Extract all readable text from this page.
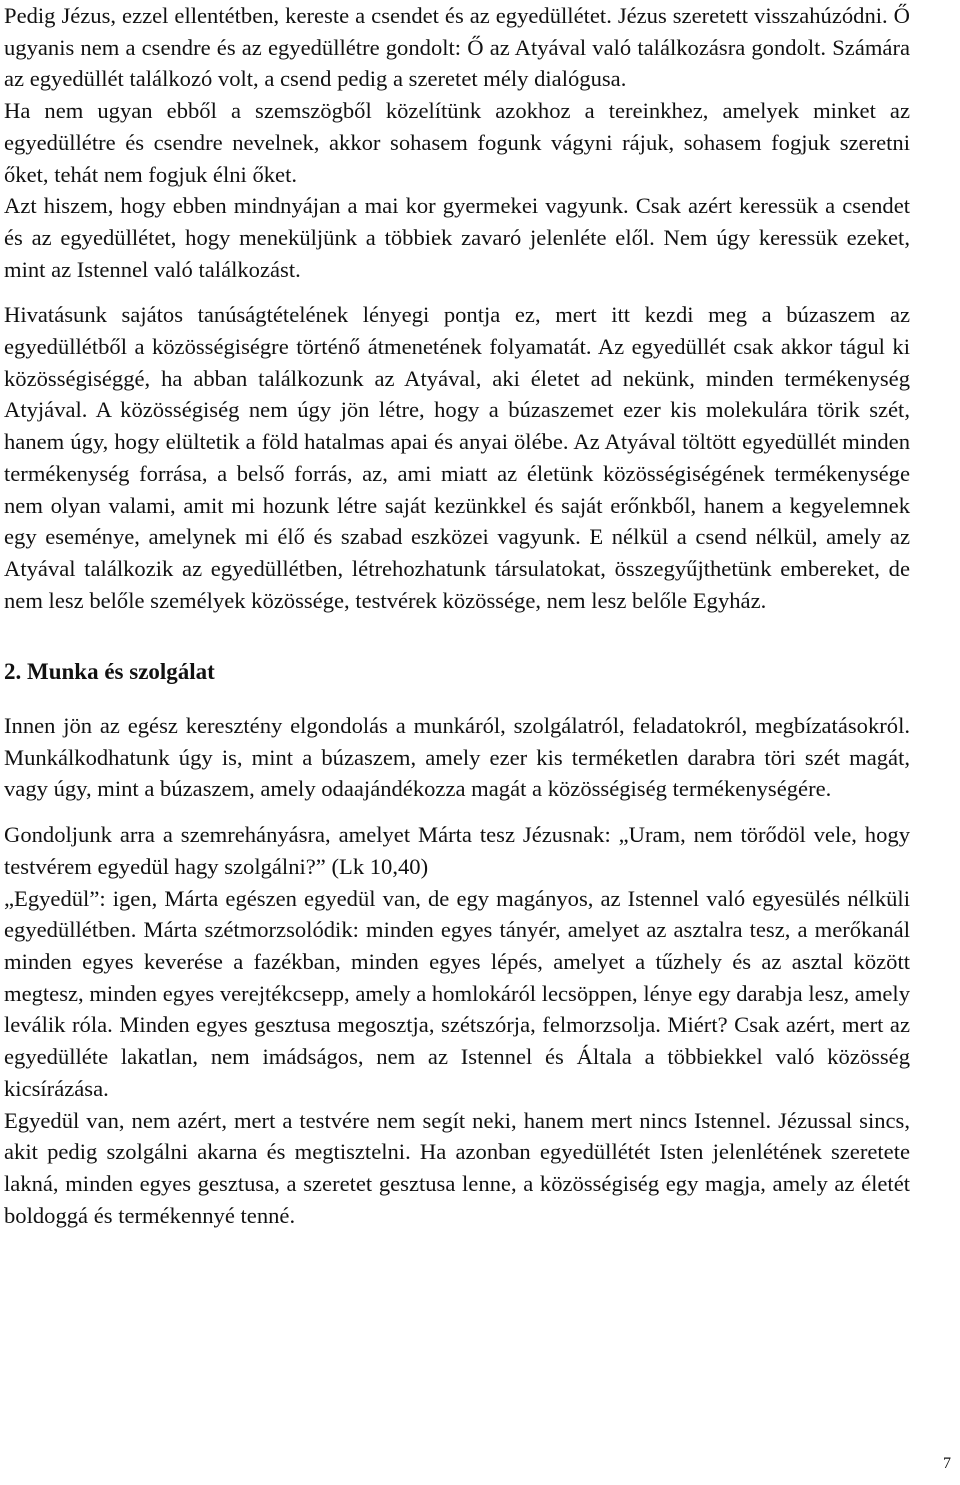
Pedig Jézus, ezzel ellentétben, kereste a csendet és az egyedüllétet. Jézus szeretett visszahúzódni. Ő ugyanis nem a csendre és az egyedüllétre gondolt: Ő az Atyával való találkozásra gondolt. Számára az egyedüllét találkozó volt, a csend pedig a szeretet mély dialógusa.

Ha nem ugyan ebből a szemszögből közelítünk azokhoz a tereinkhez, amelyek minket az egyedüllétre és csendre nevelnek, akkor sohasem fogunk vágyni rájuk, sohasem fogjuk szeretni őket, tehát nem fogjuk élni őket.

Azt hiszem, hogy ebben mindnyájan a mai kor gyermekei vagyunk. Csak azért keressük a csendet és az egyedüllétet, hogy meneküljünk a többiek zavaró jelenléte elől. Nem úgy keressük ezeket, mint az Istennel való találkozást.

Hivatásunk sajátos tanúságtételének lényegi pontja ez, mert itt kezdi meg a búzaszem az egyedüllétből a közösségiségre történő átmenetének folyamatát. Az egyedüllét csak akkor tágul ki közösségiséggé, ha abban találkozunk az Atyával, aki életet ad nekünk, minden termékenység Atyjával. A közösségiség nem úgy jön létre, hogy a búzaszemet ezer kis molekulára törik szét, hanem úgy, hogy elültetik a föld hatalmas apai és anyai ölébe. Az Atyával töltött egyedüllét minden termékenység forrása, a belső forrás, az, ami miatt az életünk közösségiségének termékenysége nem olyan valami, amit mi hozunk létre saját kezünkkel és saját erőnkből, hanem a kegyelemnek egy eseménye, amelynek mi élő és szabad eszközei vagyunk. E nélkül a csend nélkül, amely az Atyával találkozik az egyedüllétben, létrehozhatunk társulatokat, összegyűjthetünk embereket, de nem lesz belőle személyek közössége, testvérek közössége, nem lesz belőle Egyház.

2. Munka és szolgálat

Innen jön az egész keresztény elgondolás a munkáról, szolgálatról, feladatokról, megbízatásokról. Munkálkodhatunk úgy is, mint a búzaszem, amely ezer kis terméketlen darabra töri szét magát, vagy úgy, mint a búzaszem, amely odaajándékozza magát a közösségiség termékenységére.

Gondoljunk arra a szemrehányásra, amelyet Márta tesz Jézusnak: „Uram, nem törődöl vele, hogy testvérem egyedül hagy szolgálni?” (Lk 10,40)

„Egyedül”: igen, Márta egészen egyedül van, de egy magányos, az Istennel való egyesülés nélküli egyedüllétben. Márta szétmorzsolódik: minden egyes tányér, amelyet az asztalra tesz, a merőkanál minden egyes keverése a fazékban, minden egyes lépés, amelyet a tűzhely és az asztal között megtesz, minden egyes verejtékcsepp, amely a homlokáról lecsöppen, lénye egy darabja lesz, amely leválik róla. Minden egyes gesztusa megosztja, szétszórja, felmorzsolja. Miért? Csak azért, mert az egyedülléte lakatlan, nem imádságos, nem az Istennel és Általa a többiekkel való közösség kicsírázása.

Egyedül van, nem azért, mert a testvére nem segít neki, hanem mert nincs Istennel. Jézussal sincs, akit pedig szolgálni akarna és megtisztelni. Ha azonban egyedüllétét Isten jelenlétének szeretete lakná, minden egyes gesztusa, a szeretet gesztusa lenne, a közösségiség egy magja, amely az életét boldoggá és termékennyé tenné.

7
